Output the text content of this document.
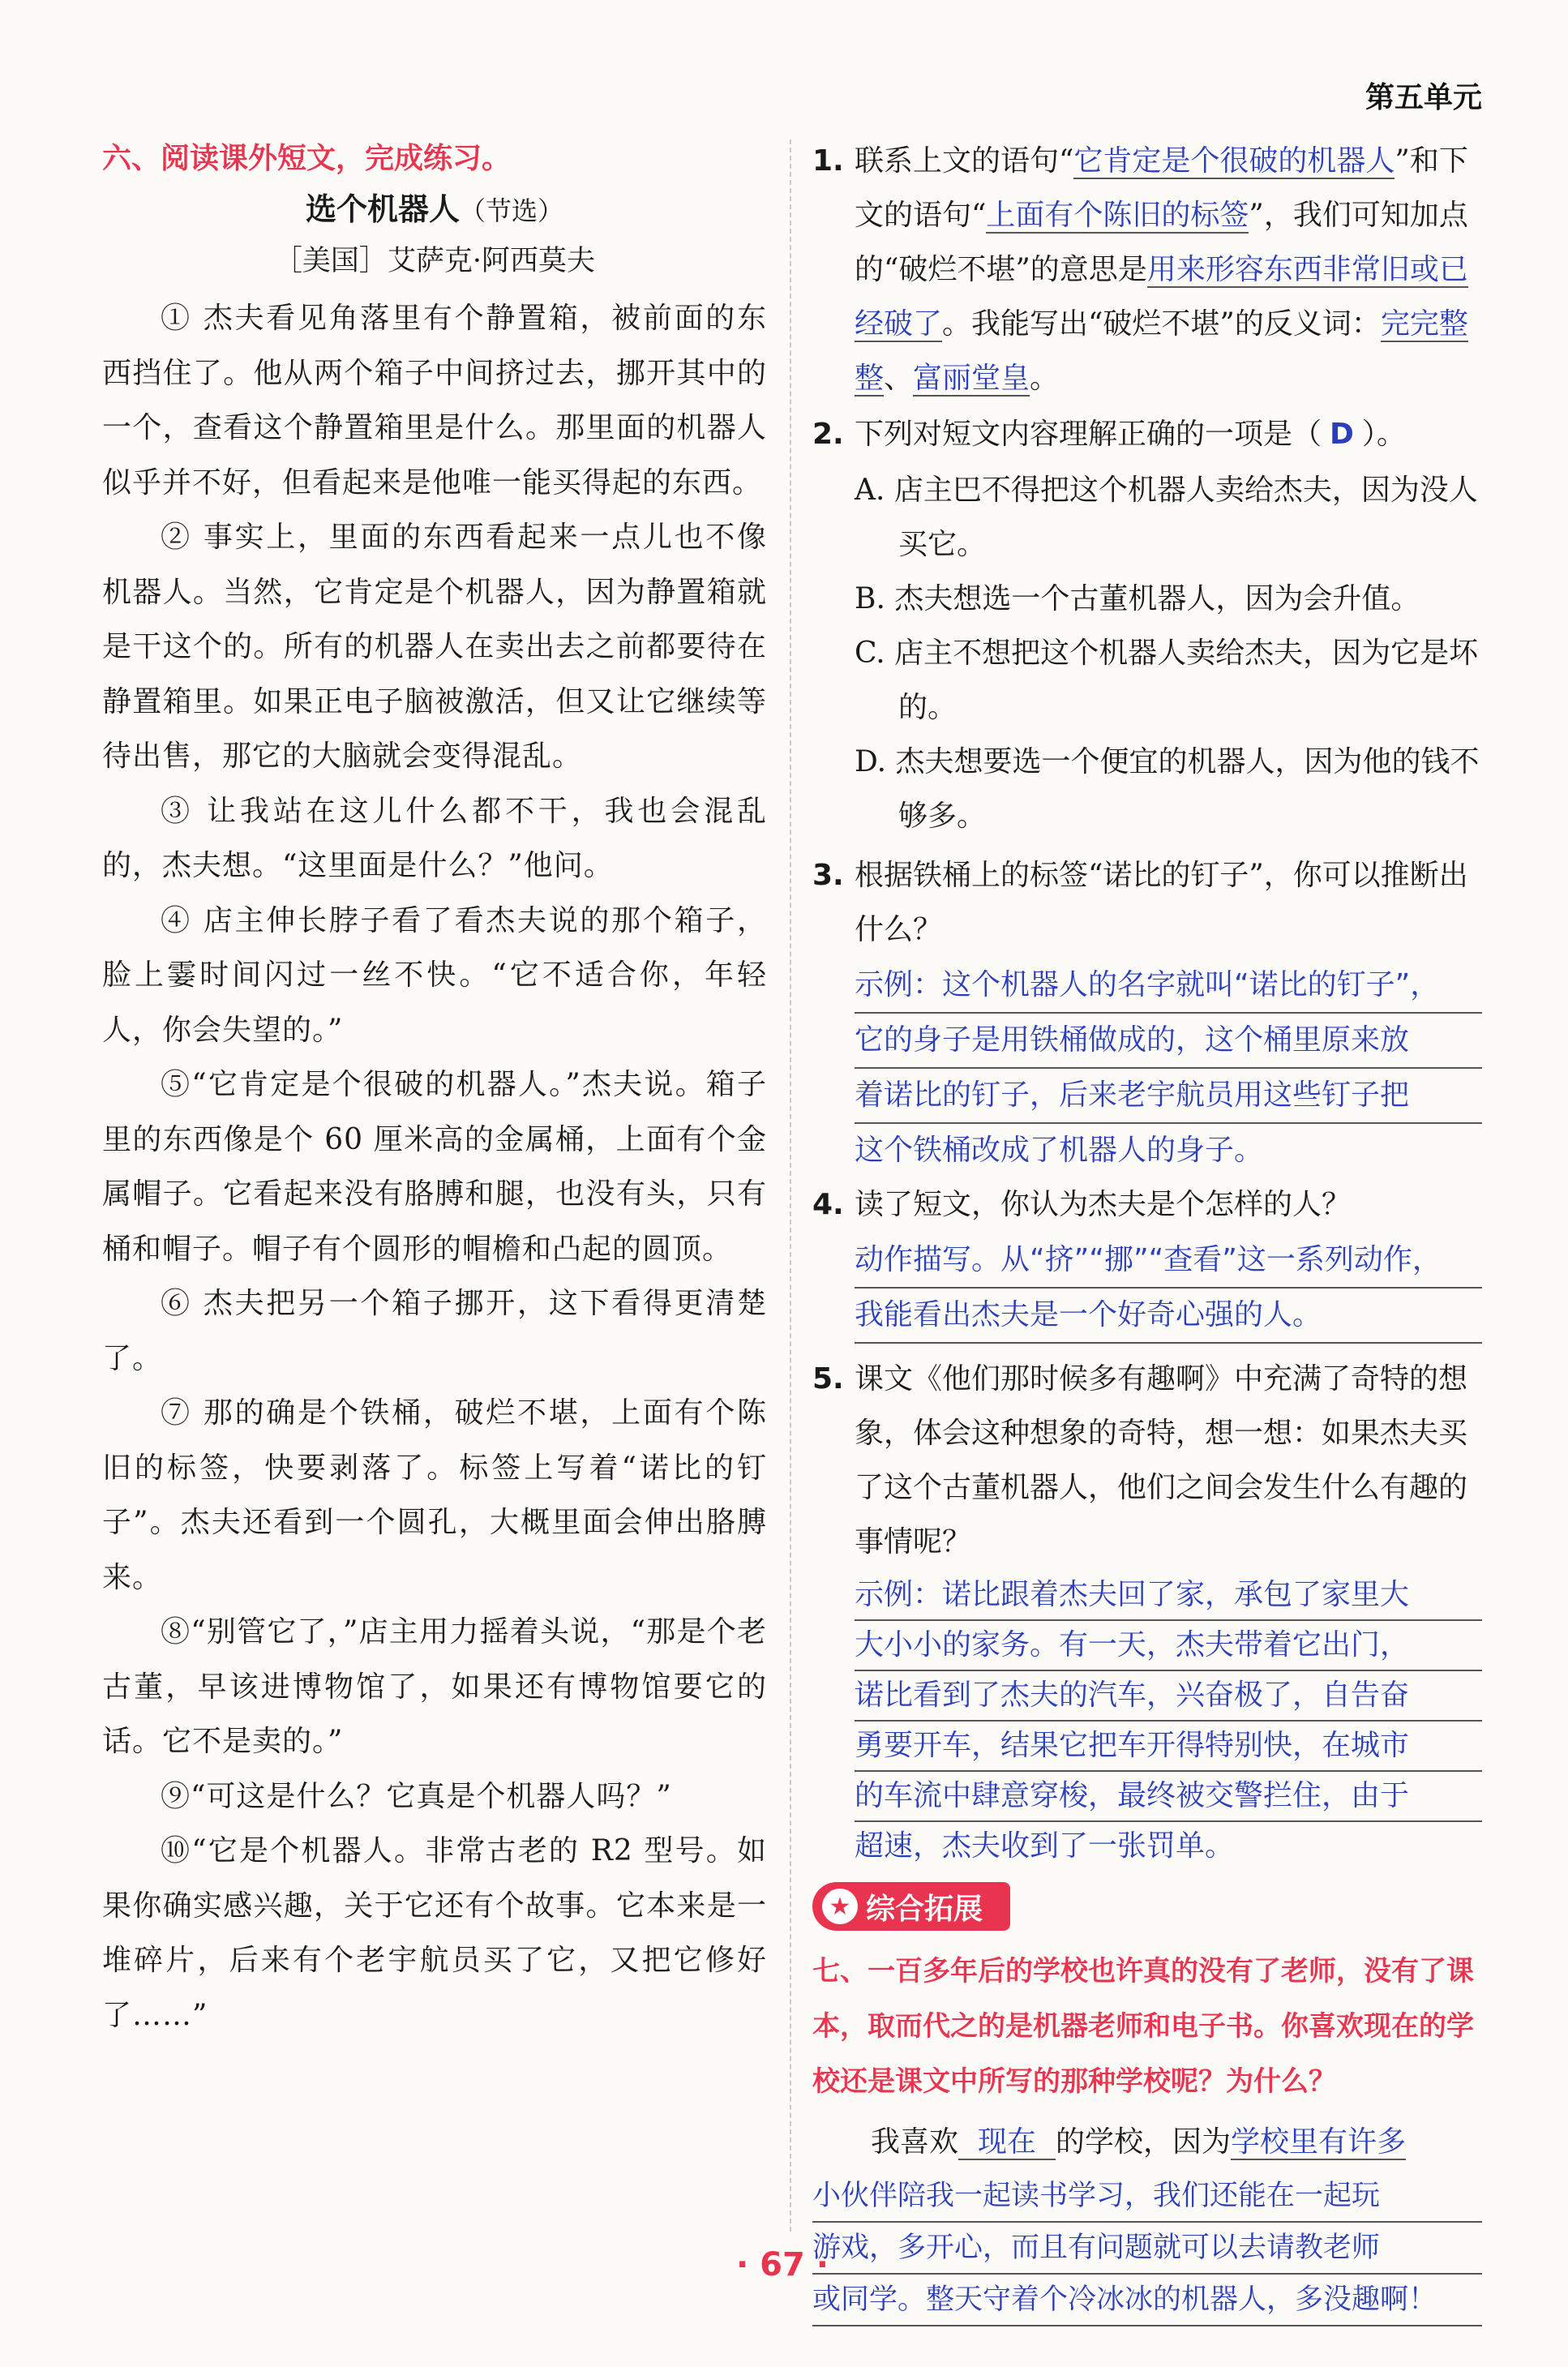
第五单元
六、阅读课外短文，完成练习。
选个机器人（节选）
［美国］艾萨克·阿西莫夫

① 杰夫看见角落里有个静置箱，被前面的东西挡住了。他从两个箱子中间挤过去，挪开其中的一个，查看这个静置箱里是什么。那里面的机器人似乎并不好，但看起来是他唯一能买得起的东西。

② 事实上，里面的东西看起来一点儿也不像机器人。当然，它肯定是个机器人，因为静置箱就是干这个的。所有的机器人在卖出去之前都要待在静置箱里。如果正电子脑被激活，但又让它继续等待出售，那它的大脑就会变得混乱。

③ 让我站在这儿什么都不干，我也会混乱的，杰夫想。“这里面是什么？”他问。

④ 店主伸长脖子看了看杰夫说的那个箱子，脸上霎时间闪过一丝不快。“它不适合你，年轻人，你会失望的。”

⑤“它肯定是个很破的机器人。”杰夫说。箱子里的东西像是个 60 厘米高的金属桶，上面有个金属帽子。它看起来没有胳膊和腿，也没有头，只有桶和帽子。帽子有个圆形的帽檐和凸起的圆顶。

⑥ 杰夫把另一个箱子挪开，这下看得更清楚了。

⑦ 那的确是个铁桶，破烂不堪，上面有个陈旧的标签，快要剥落了。标签上写着“诺比的钉子”。杰夫还看到一个圆孔，大概里面会伸出胳膊来。

⑧“别管它了，”店主用力摇着头说，“那是个老古董，早该进博物馆了，如果还有博物馆要它的话。它不是卖的。”

⑨“可这是什么？它真是个机器人吗？”

⑩“它是个机器人。非常古老的 R2 型号。如果你确实感兴趣，关于它还有个故事。它本来是一堆碎片，后来有个老宇航员买了它，又把它修好了……”

1. 联系上文的语句“它肯定是个很破的机器人”和下文的语句“上面有个陈旧的标签”，我们可知加点的“破烂不堪”的意思是用来形容东西非常旧或已经破了。我能写出“破烂不堪”的反义词：完完整整、富丽堂皇。
2. 下列对短文内容理解正确的一项是（ D ）。
A. 店主巴不得把这个机器人卖给杰夫，因为没人买它。
B. 杰夫想选一个古董机器人，因为会升值。
C. 店主不想把这个机器人卖给杰夫，因为它是坏的。
D. 杰夫想要选一个便宜的机器人，因为他的钱不够多。
3. 根据铁桶上的标签“诺比的钉子”，你可以推断出什么？
示例：这个机器人的名字就叫“诺比的钉子”，
它的身子是用铁桶做成的，这个桶里原来放
着诺比的钉子，后来老宇航员用这些钉子把
这个铁桶改成了机器人的身子。
4. 读了短文，你认为杰夫是个怎样的人？
动作描写。从“挤”“挪”“查看”这一系列动作，
我能看出杰夫是一个好奇心强的人。
5. 课文《他们那时候多有趣啊》中充满了奇特的想象，体会这种想象的奇特，想一想：如果杰夫买了这个古董机器人，他们之间会发生什么有趣的事情呢？
示例：诺比跟着杰夫回了家，承包了家里大
大小小的家务。有一天，杰夫带着它出门，
诺比看到了杰夫的汽车，兴奋极了，自告奋
勇要开车，结果它把车开得特别快，在城市
的车流中肆意穿梭，最终被交警拦住，由于
超速，杰夫收到了一张罚单。
★ 综合拓展
七、一百多年后的学校也许真的没有了老师，没有了课本，取而代之的是机器老师和电子书。你喜欢现在的学校还是课文中所写的那种学校呢？为什么？
我喜欢 现在 的学校，因为学校里有许多
小伙伴陪我一起读书学习，我们还能在一起玩
游戏，多开心，而且有问题就可以去请教老师
或同学。整天守着个冷冰冰的机器人，多没趣啊！
· 67 ·
